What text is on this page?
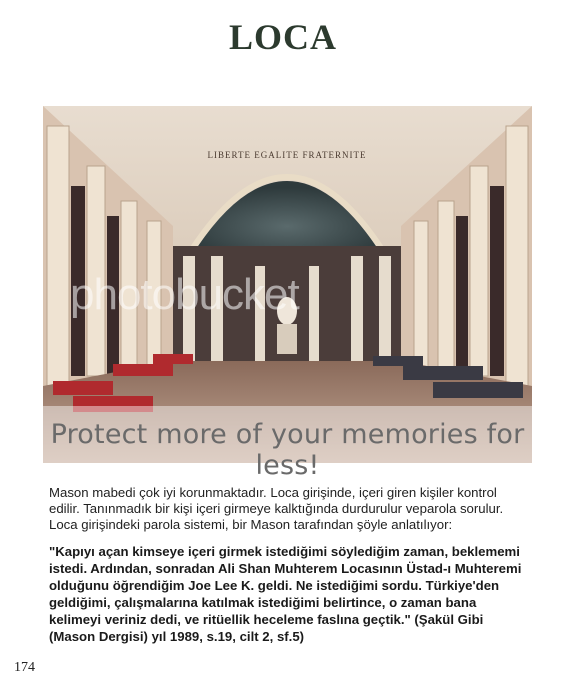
LOCA
LIBERTE EGALITE FRATERNITE
photobucket
Protect more of your memories for less!
Mason mabedi çok iyi korunmaktadır. Loca girişinde, içeri giren kişiler kontrol edilir. Tanınmadık bir kişi içeri girmeye kalktığında durdurulur veparola sorulur. Loca girişindeki parola sistemi, bir Mason tarafından şöyle anlatılıyor:
"Kapıyı açan kimseye içeri girmek istediğimi söylediğim zaman, beklememi istedi. Ardından, sonradan Ali Shan Muhterem Locasının Üstad-ı Muhteremi olduğunu öğrendiğim Joe Lee K. geldi. Ne istediğimi sordu. Türkiye'den geldiğimi, çalışmalarına katılmak istediğimi belirtince, o zaman bana kelimeyi veriniz dedi, ve ritüellik heceleme faslına geçtik." (Şakül Gibi (Mason Dergisi) yıl 1989, s.19, cilt 2, sf.5)
174
